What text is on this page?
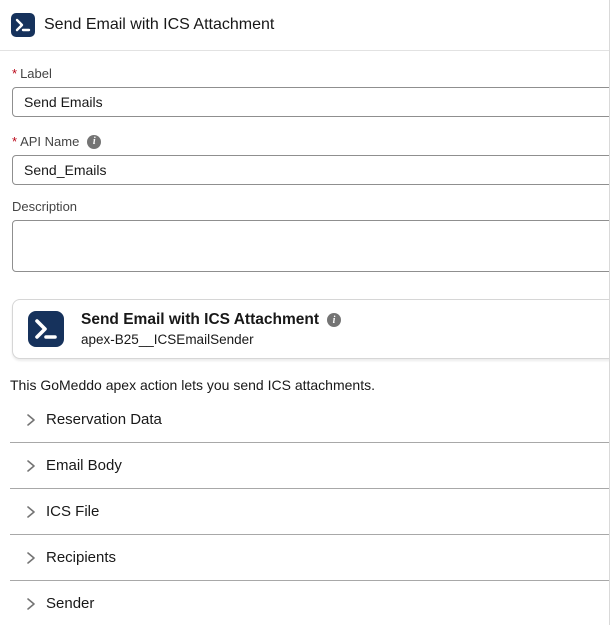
Send Email with ICS Attachment
* Label
Send Emails
* API Name	i
Send_Emails
Description
Send Email with ICS Attachment	i
apex-B25__ICSEmailSender
This GoMeddo apex action lets you send ICS attachments.
Reservation Data
Email Body
ICS File
Recipients
Sender
